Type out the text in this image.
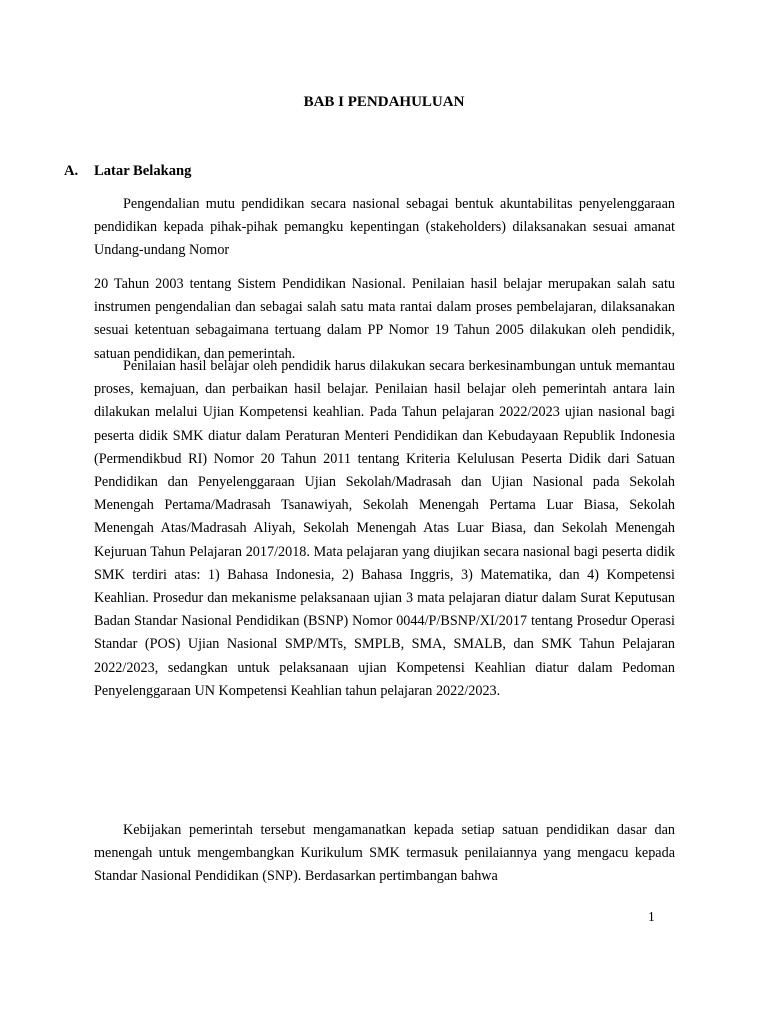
BAB I PENDAHULUAN
A. Latar Belakang

Pengendalian mutu pendidikan secara nasional sebagai bentuk akuntabilitas penyelenggaraan pendidikan kepada pihak-pihak pemangku kepentingan (stakeholders) dilaksanakan sesuai amanat Undang-undang Nomor

20 Tahun 2003 tentang Sistem Pendidikan Nasional. Penilaian hasil belajar merupakan salah satu instrumen pengendalian dan sebagai salah satu mata rantai dalam proses pembelajaran, dilaksanakan sesuai ketentuan sebagaimana tertuang dalam PP Nomor 19 Tahun 2005 dilakukan oleh pendidik, satuan pendidikan, dan pemerintah.

Penilaian hasil belajar oleh pendidik harus dilakukan secara berkesinambungan untuk memantau proses, kemajuan, dan perbaikan hasil belajar. Penilaian hasil belajar oleh pemerintah antara lain dilakukan melalui Ujian Kompetensi keahlian. Pada Tahun pelajaran 2022/2023 ujian nasional bagi peserta didik SMK diatur dalam Peraturan Menteri Pendidikan dan Kebudayaan Republik Indonesia (Permendikbud RI) Nomor 20 Tahun 2011 tentang Kriteria Kelulusan Peserta Didik dari Satuan Pendidikan dan Penyelenggaraan Ujian Sekolah/Madrasah dan Ujian Nasional pada Sekolah Menengah Pertama/Madrasah Tsanawiyah, Sekolah Menengah Pertama Luar Biasa, Sekolah Menengah Atas/Madrasah Aliyah, Sekolah Menengah Atas Luar Biasa, dan Sekolah Menengah Kejuruan Tahun Pelajaran 2017/2018. Mata pelajaran yang diujikan secara nasional bagi peserta didik SMK terdiri atas: 1) Bahasa Indonesia, 2) Bahasa Inggris, 3) Matematika, dan 4) Kompetensi Keahlian. Prosedur dan mekanisme pelaksanaan ujian 3 mata pelajaran diatur dalam Surat Keputusan Badan Standar Nasional Pendidikan (BSNP) Nomor 0044/P/BSNP/XI/2017 tentang Prosedur Operasi Standar (POS) Ujian Nasional SMP/MTs, SMPLB, SMA, SMALB, dan SMK Tahun Pelajaran 2022/2023, sedangkan untuk pelaksanaan ujian Kompetensi Keahlian diatur dalam Pedoman Penyelenggaraan UN Kompetensi Keahlian tahun pelajaran 2022/2023.

Kebijakan pemerintah tersebut mengamanatkan kepada setiap satuan pendidikan dasar dan menengah untuk mengembangkan Kurikulum SMK termasuk penilaiannya yang mengacu kepada Standar Nasional Pendidikan (SNP). Berdasarkan pertimbangan bahwa

1
